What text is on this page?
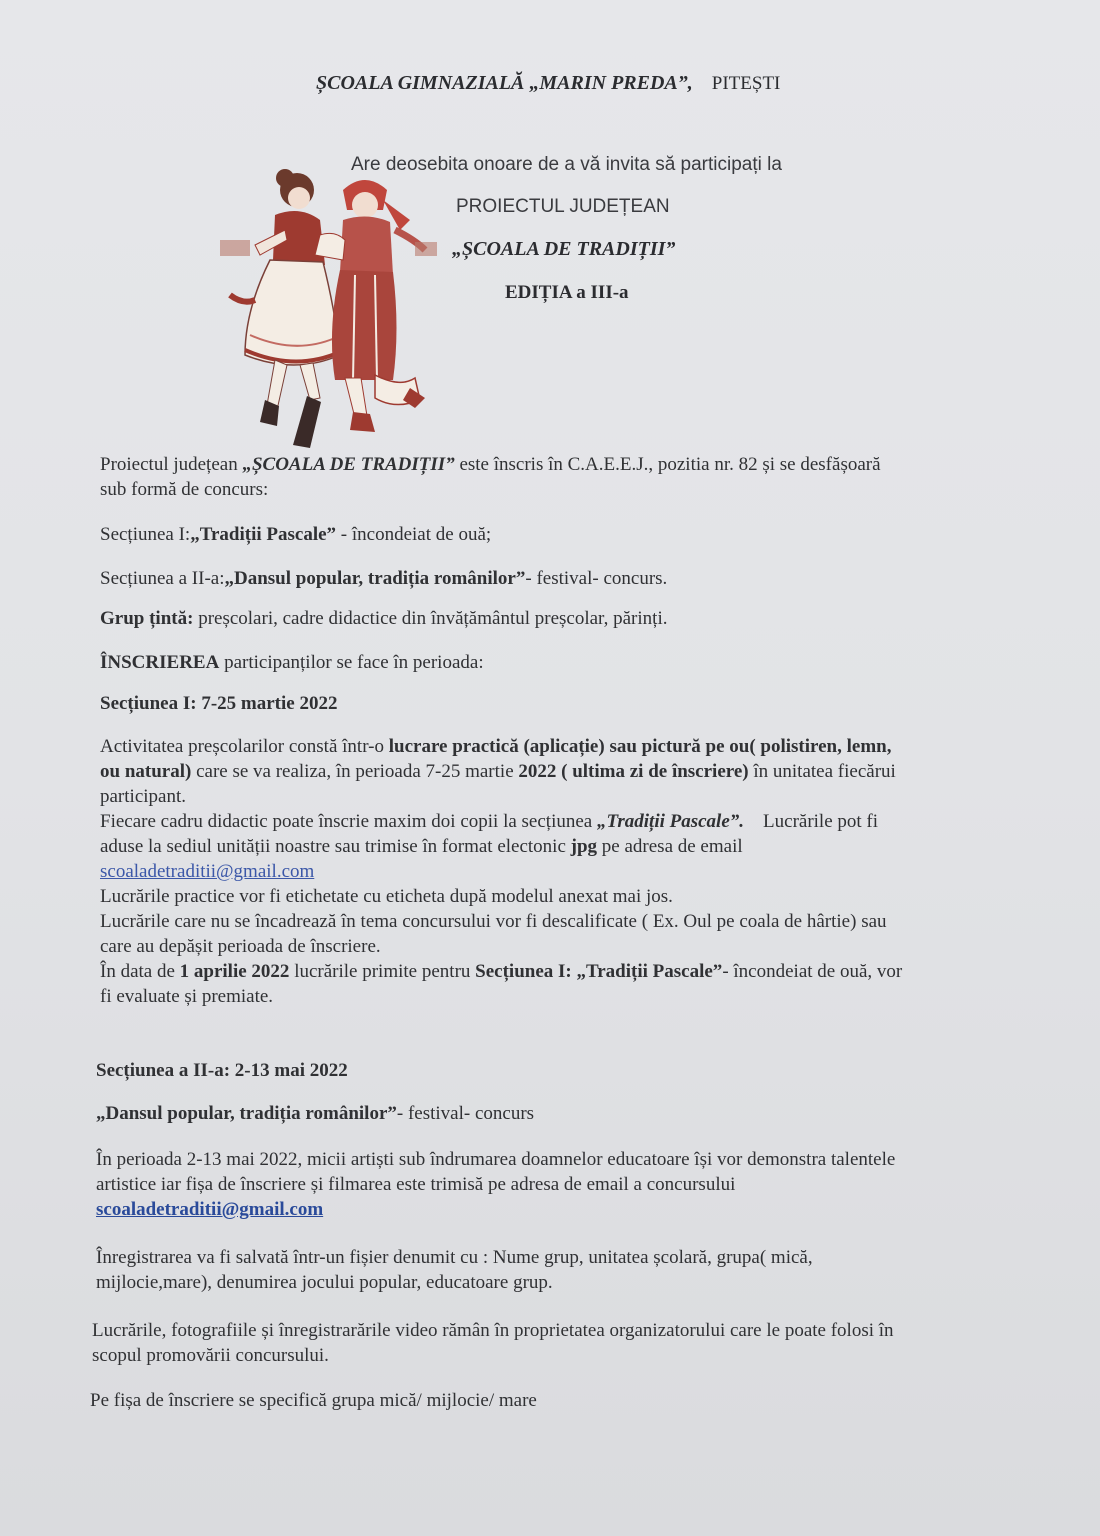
ȘCOALA GIMNAZIALĂ „MARIN PREDA”, PITEȘTI
Are deosebita onoare de a vă invita să participați la
PROIECTUL JUDEȚEAN
„ȘCOALA DE TRADIȚII”
EDIȚIA a III-a
Proiectul județean „ȘCOALA DE TRADIȚII” este înscris în C.A.E.E.J., pozitia nr. 82 și se desfășoară
sub formă de concurs:
Secțiunea I:„Tradiții Pascale” - încondeiat de ouă;
Secțiunea a II-a:„Dansul popular, tradiția românilor”- festival- concurs.
Grup țintă: preșcolari, cadre didactice din învățământul preșcolar, părinți.
ÎNSCRIEREA participanților se face în perioada:
Secțiunea I: 7-25 martie 2022
Activitatea preșcolarilor constă într-o lucrare practică (aplicație) sau pictură pe ou( polistiren, lemn,
ou natural) care se va realiza, în perioada 7-25 martie 2022 ( ultima zi de înscriere) în unitatea fiecărui
participant.
Fiecare cadru didactic poate înscrie maxim doi copii la secțiunea „Tradiții Pascale”.    Lucrările pot fi
aduse la sediul unității noastre sau trimise în format electonic jpg pe adresa de email
scoaladetraditii@gmail.com
Lucrările practice vor fi etichetate cu eticheta după modelul anexat mai jos.
Lucrările care nu se încadrează în tema concursului vor fi descalificate ( Ex. Oul pe coala de hârtie) sau
care au depășit perioada de înscriere.
În data de 1 aprilie 2022 lucrările primite pentru Secțiunea I: „Tradiții Pascale”- încondeiat de ouă, vor
fi evaluate și premiate.
Secțiunea a II-a: 2-13 mai 2022
„Dansul popular, tradiția românilor”- festival- concurs
În perioada 2-13 mai 2022, micii artiști sub îndrumarea doamnelor educatoare își vor demonstra talentele
artistice iar fișa de înscriere și filmarea este trimisă pe adresa de email a concursului
scoaladetraditii@gmail.com
Înregistrarea va fi salvată într-un fișier denumit cu : Nume grup, unitatea școlară, grupa( mică,
mijlocie,mare), denumirea jocului popular, educatoare grup.
Lucrările, fotografiile și înregistrarările video rămân în proprietatea organizatorului care le poate folosi în
scopul promovării concursului.
Pe fișa de înscriere se specifică grupa mică/ mijlocie/ mare
